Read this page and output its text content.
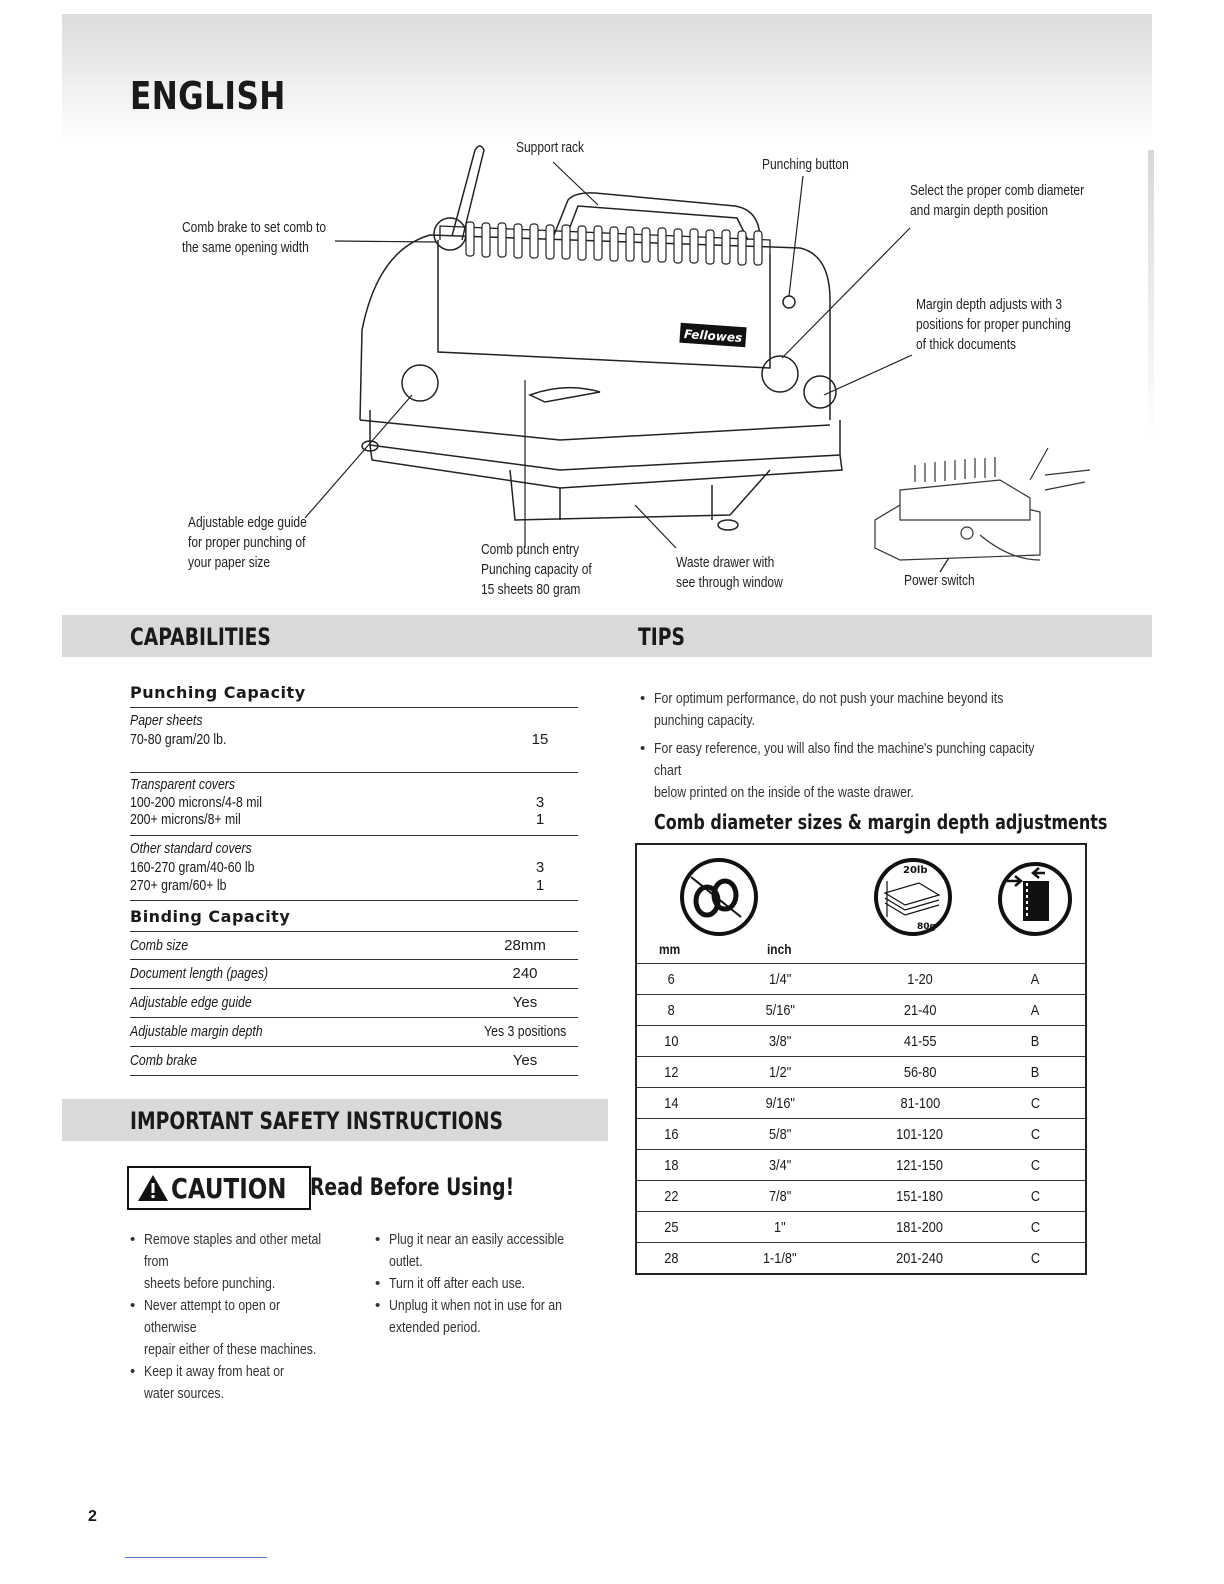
ENGLISH
Fellowes
Support rack
Punching button
Select the proper comb diameter
and margin depth position
Comb brake to set comb to
the same opening width
Margin depth adjusts with 3
positions for proper punching
of thick documents
Adjustable edge guide
for proper punching of
your paper size
Comb punch entry
Punching capacity of
15 sheets 80 gram
Waste drawer with
see through window	Power switch
CAPABILITIES	TIPS
Punching Capacity
Paper sheets
70-80 gram/20 lb.	15
Transparent covers
100-200 microns/4-8 mil	3
200+ microns/8+ mil	1
Other standard covers
160-270 gram/40-60 lb	3
270+ gram/60+ lb	1
Binding Capacity
Comb size	28mm
Document length (pages)	240
Adjustable edge guide	Yes
Adjustable margin depth	Yes 3 positions
Comb brake	Yes
IMPORTANT SAFETY INSTRUCTIONS
CAUTION Read Before Using!
• Remove staples and other metal from
sheets before punching.
• Never attempt to open or otherwise
repair either of these machines.
• Keep it away from heat or
water sources.
• Plug it near an easily accessible outlet.
• Turn it off after each use.
• Unplug it when not in use for an
extended period.
• For optimum performance, do not push your machine beyond its
punching capacity.
• For easy reference, you will also find the machine's punching capacity chart
below printed on the inside of the waste drawer.
Comb diameter sizes & margin depth adjustments
20lb
80g
mm	inch
6	1/4"	1-20	A
8	5/16"	21-40	A
10	3/8"	41-55	B
12	1/2"	56-80	B
14	9/16"	81-100	C
16	5/8"	101-120	C
18	3/4"	121-150	C
22	7/8"	151-180	C
25	1"	181-200	C
28	1-1/8"	201-240	C
2
